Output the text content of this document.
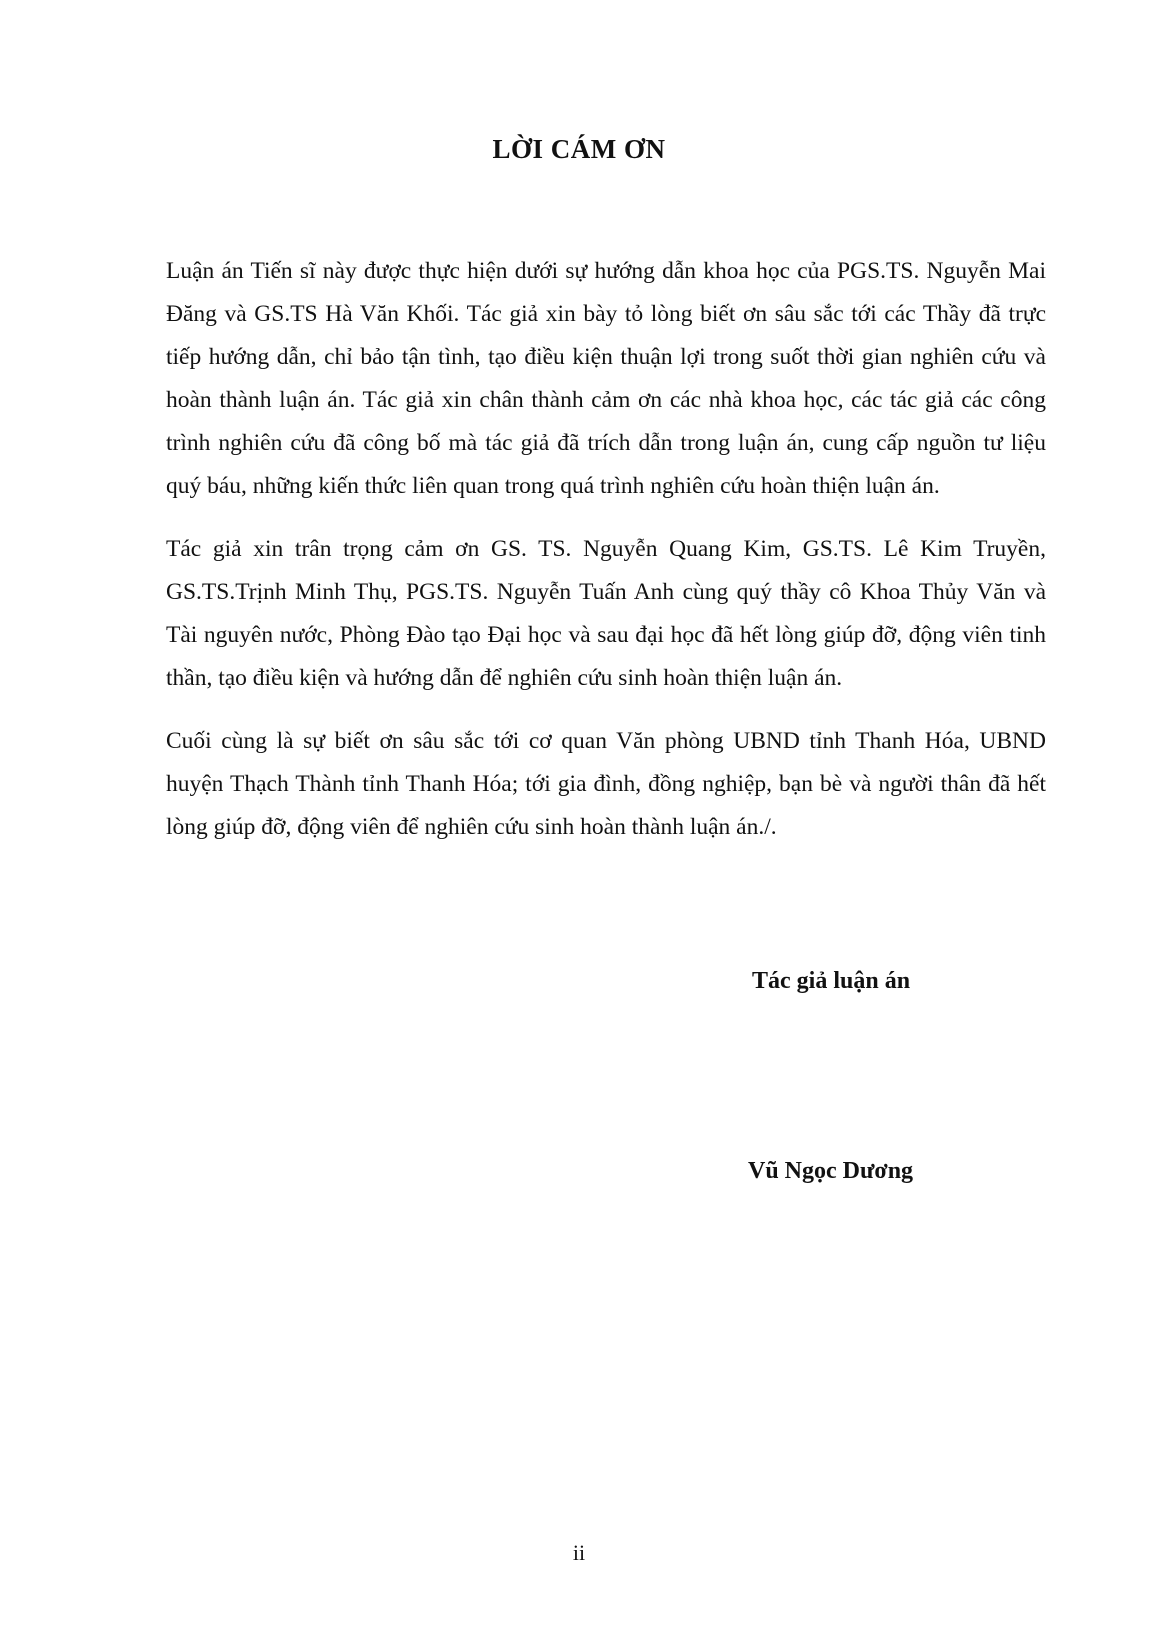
LỜI CÁM ƠN

Luận án Tiến sĩ này được thực hiện dưới sự hướng dẫn khoa học của PGS.TS. Nguyễn Mai Đăng và GS.TS Hà Văn Khối. Tác giả xin bày tỏ lòng biết ơn sâu sắc tới các Thầy đã trực tiếp hướng dẫn, chỉ bảo tận tình, tạo điều kiện thuận lợi trong suốt thời gian nghiên cứu và hoàn thành luận án. Tác giả xin chân thành cảm ơn các nhà khoa học, các tác giả các công trình nghiên cứu đã công bố mà tác giả đã trích dẫn trong luận án, cung cấp nguồn tư liệu quý báu, những kiến thức liên quan trong quá trình nghiên cứu hoàn thiện luận án.

Tác giả xin trân trọng cảm ơn GS. TS. Nguyễn Quang Kim, GS.TS. Lê Kim Truyền, GS.TS.Trịnh Minh Thụ, PGS.TS. Nguyễn Tuấn Anh cùng quý thầy cô Khoa Thủy Văn và Tài nguyên nước, Phòng Đào tạo Đại học và sau đại học đã hết lòng giúp đỡ, động viên tinh thần, tạo điều kiện và hướng dẫn để nghiên cứu sinh hoàn thiện luận án.

Cuối cùng là sự biết ơn sâu sắc tới cơ quan Văn phòng UBND tỉnh Thanh Hóa, UBND huyện Thạch Thành tỉnh Thanh Hóa; tới gia đình, đồng nghiệp, bạn bè và người thân đã hết lòng giúp đỡ, động viên để nghiên cứu sinh hoàn thành luận án./.

Tác giả luận án

Vũ Ngọc Dương

ii
